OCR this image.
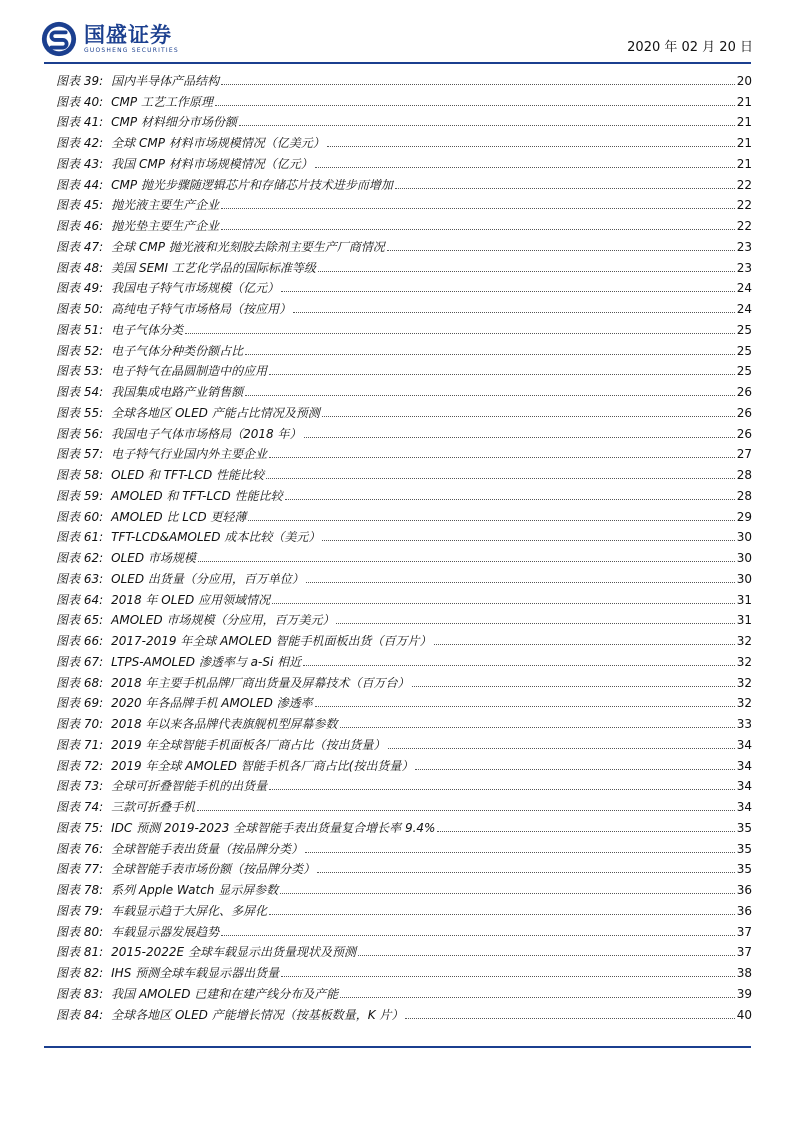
国盛证券
GUOSHENG SECURITIES	2020 年 02 月 20 日
图表 39: 国内半导体产品结构	20
图表 40: CMP 工艺工作原理	21
图表 41: CMP 材料细分市场份额	21
图表 42: 全球 CMP 材料市场规模情况（亿美元）	21
图表 43: 我国 CMP 材料市场规模情况（亿元）	21
图表 44: CMP 抛光步骤随逻辑芯片和存储芯片技术进步而增加	22
图表 45: 抛光液主要生产企业	22
图表 46: 抛光垫主要生产企业	22
图表 47: 全球 CMP 抛光液和光刻胶去除剂主要生产厂商情况	23
图表 48: 美国 SEMI 工艺化学品的国际标准等级	23
图表 49: 我国电子特气市场规模（亿元）	24
图表 50: 高纯电子特气市场格局（按应用）	24
图表 51: 电子气体分类	25
图表 52: 电子气体分种类份额占比	25
图表 53: 电子特气在晶圆制造中的应用	25
图表 54: 我国集成电路产业销售额	26
图表 55: 全球各地区 OLED 产能占比情况及预测	26
图表 56: 我国电子气体市场格局（2018 年）	26
图表 57: 电子特气行业国内外主要企业	27
图表 58: OLED 和 TFT-LCD 性能比较	28
图表 59: AMOLED 和 TFT-LCD 性能比较	28
图表 60: AMOLED 比 LCD 更轻薄	29
图表 61: TFT-LCD&AMOLED 成本比较（美元）	30
图表 62: OLED 市场规模	30
图表 63: OLED 出货量（分应用，百万单位）	30
图表 64: 2018 年 OLED 应用领域情况	31
图表 65: AMOLED 市场规模（分应用，百万美元）	31
图表 66: 2017-2019 年全球 AMOLED 智能手机面板出货（百万片）	32
图表 67: LTPS-AMOLED 渗透率与 a-Si 相近	32
图表 68: 2018 年主要手机品牌厂商出货量及屏幕技术（百万台）	32
图表 69: 2020 年各品牌手机 AMOLED 渗透率	32
图表 70: 2018 年以来各品牌代表旗舰机型屏幕参数	33
图表 71: 2019 年全球智能手机面板各厂商占比（按出货量）	34
图表 72: 2019 年全球 AMOLED 智能手机各厂商占比(按出货量）	34
图表 73: 全球可折叠智能手机的出货量	34
图表 74: 三款可折叠手机	34
图表 75: IDC 预测 2019-2023 全球智能手表出货量复合增长率 9.4%	35
图表 76: 全球智能手表出货量（按品牌分类）	35
图表 77: 全球智能手表市场份额（按品牌分类）	35
图表 78: 系列 Apple Watch 显示屏参数	36
图表 79: 车载显示趋于大屏化、多屏化	36
图表 80: 车载显示器发展趋势	37
图表 81: 2015-2022E 全球车载显示出货量现状及预测	37
图表 82: IHS 预测全球车载显示器出货量	38
图表 83: 我国 AMOLED 已建和在建产线分布及产能	39
图表 84: 全球各地区 OLED 产能增长情况（按基板数量，K 片）	40
